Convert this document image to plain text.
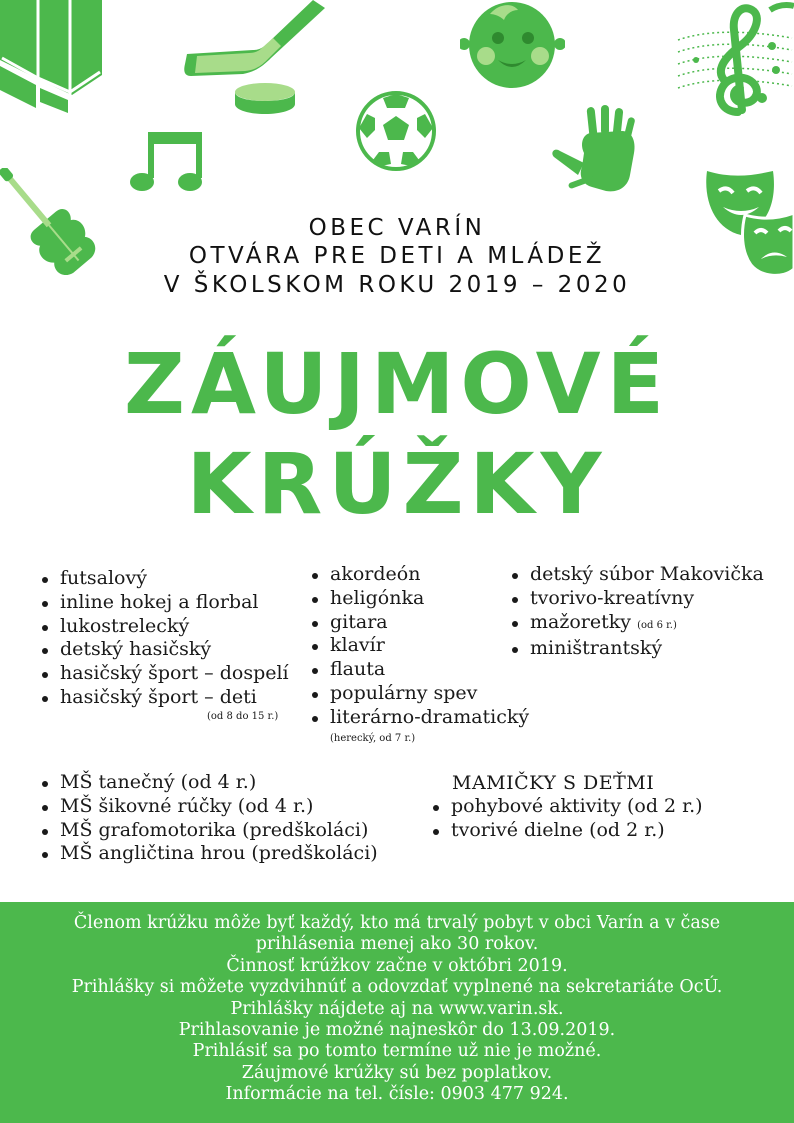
OBEC VARÍN
OTVÁRA PRE DETI A MLÁDEŽ
V ŠKOLSKOM ROKU 2019 – 2020
ZÁUJMOVÉ
KRÚŽKY
futsalový
inline hokej a florbal
lukostrelecký
detský hasičský
hasičský šport – dospelí
hasičský šport – deti
(od 8 do 15 r.)
akordeón
heligónka
gitara
klavír
flauta
populárny spev
literárno-dramatický
(herecký, od 7 r.)
detský súbor Makovička
tvorivo-kreatívny
mažoretky (od 6 r.)
miništrantský
MŠ tanečný (od 4 r.)
MŠ šikovné rúčky (od 4 r.)
MŠ grafomotorika (predškoláci)
MŠ angličtina hrou (predškoláci)
MAMIČKY S DEŤMI
pohybové aktivity (od 2 r.)
tvorivé dielne (od 2 r.)
Členom krúžku môže byť každý, kto má trvalý pobyt v obci Varín a v čase
prihlásenia menej ako 30 rokov.
Činnosť krúžkov začne v októbri 2019.
Prihlášky si môžete vyzdvihnúť a odovzdať vyplnené na sekretariáte OcÚ.
Prihlášky nájdete aj na www.varin.sk.
Prihlasovanie je možné najneskôr do 13.09.2019.
Prihlásiť sa po tomto termíne už nie je možné.
Záujmové krúžky sú bez poplatkov.
Informácie na tel. čísle: 0903 477 924.
